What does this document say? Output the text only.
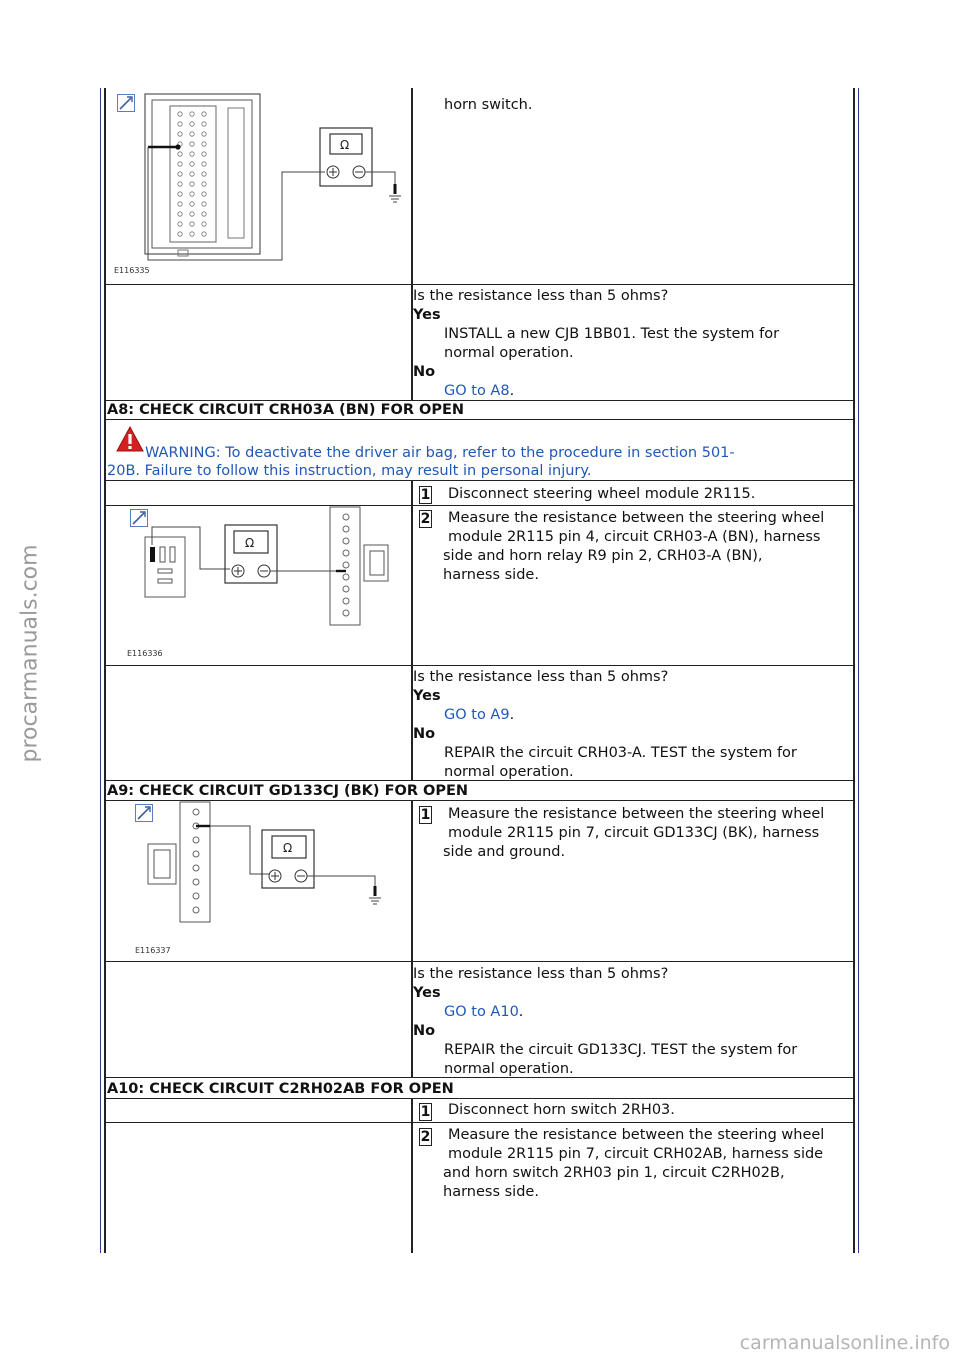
procarmanuals.com
carmanualsonline.info
Ω
E116335
horn switch.
Is the resistance less than 5 ohms?
Yes
INSTALL a new CJB 1BB01. Test the system for
normal operation.
No
GO to A8.
A8: CHECK CIRCUIT CRH03A (BN) FOR OPEN
WARNING: To deactivate the driver air bag, refer to the procedure in section 501-
20B. Failure to follow this instruction, may result in personal injury.
1 Disconnect steering wheel module 2R115.
Ω
E116336
2 Measure the resistance between the steering wheel
module 2R115 pin 4, circuit CRH03-A (BN), harness
side and horn relay R9 pin 2, CRH03-A (BN),
harness side.
Is the resistance less than 5 ohms?
Yes
GO to A9.
No
REPAIR the circuit CRH03-A. TEST the system for
normal operation.
A9: CHECK CIRCUIT GD133CJ (BK) FOR OPEN
Ω
E116337
1 Measure the resistance between the steering wheel
module 2R115 pin 7, circuit GD133CJ (BK), harness
side and ground.
Is the resistance less than 5 ohms?
Yes
GO to A10.
No
REPAIR the circuit GD133CJ. TEST the system for
normal operation.
A10: CHECK CIRCUIT C2RH02AB FOR OPEN
1 Disconnect horn switch 2RH03.
2 Measure the resistance between the steering wheel
module 2R115 pin 7, circuit CRH02AB, harness side
and horn switch 2RH03 pin 1, circuit C2RH02B,
harness side.
